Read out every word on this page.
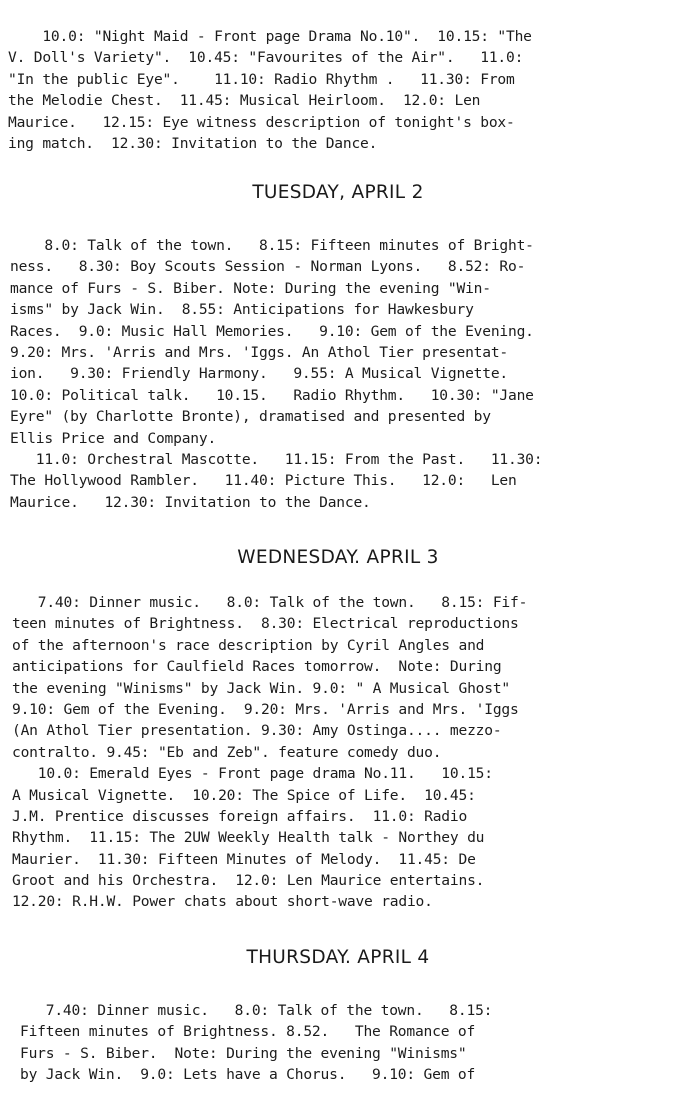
10.0: "Night Maid - Front page Drama No.10".  10.15: "The
V. Doll's Variety".  10.45: "Favourites of the Air".   11.0:
"In the public Eye".    11.10: Radio Rhythm .   11.30: From
the Melodie Chest.  11.45: Musical Heirloom.  12.0: Len
Maurice.   12.15: Eye witness description of tonight's box-
ing match.  12.30: Invitation to the Dance.
TUESDAY, APRIL 2
8.0: Talk of the town.   8.15: Fifteen minutes of Bright-
ness.   8.30: Boy Scouts Session - Norman Lyons.   8.52: Ro-
mance of Furs - S. Biber. Note: During the evening "Win-
isms" by Jack Win.  8.55: Anticipations for Hawkesbury
Races.  9.0: Music Hall Memories.   9.10: Gem of the Evening.
9.20: Mrs. 'Arris and Mrs. 'Iggs. An Athol Tier presentat-
ion.   9.30: Friendly Harmony.   9.55: A Musical Vignette.
10.0: Political talk.   10.15.   Radio Rhythm.   10.30: "Jane
Eyre" (by Charlotte Bronte), dramatised and presented by
Ellis Price and Company.
11.0: Orchestral Mascotte.   11.15: From the Past.   11.30:
The Hollywood Rambler.   11.40: Picture This.   12.0:   Len
Maurice.   12.30: Invitation to the Dance.
WEDNESDAY. APRIL 3
7.40: Dinner music.   8.0: Talk of the town.   8.15: Fif-
teen minutes of Brightness.  8.30: Electrical reproductions
of the afternoon's race description by Cyril Angles and
anticipations for Caulfield Races tomorrow.  Note: During
the evening "Winisms" by Jack Win. 9.0: " A Musical Ghost"
9.10: Gem of the Evening.  9.20: Mrs. 'Arris and Mrs. 'Iggs
(An Athol Tier presentation. 9.30: Amy Ostinga.... mezzo-
contralto. 9.45: "Eb and Zeb". feature comedy duo.
10.0: Emerald Eyes - Front page drama No.11.   10.15:
A Musical Vignette.  10.20: The Spice of Life.  10.45:
J.M. Prentice discusses foreign affairs.  11.0: Radio
Rhythm.  11.15: The 2UW Weekly Health talk - Northey du
Maurier.  11.30: Fifteen Minutes of Melody.  11.45: De
Groot and his Orchestra.  12.0: Len Maurice entertains.
12.20: R.H.W. Power chats about short-wave radio.
THURSDAY. APRIL 4
7.40: Dinner music.   8.0: Talk of the town.   8.15:
Fifteen minutes of Brightness. 8.52.   The Romance of
Furs - S. Biber.  Note: During the evening "Winisms"
by Jack Win.  9.0: Lets have a Chorus.   9.10: Gem of
